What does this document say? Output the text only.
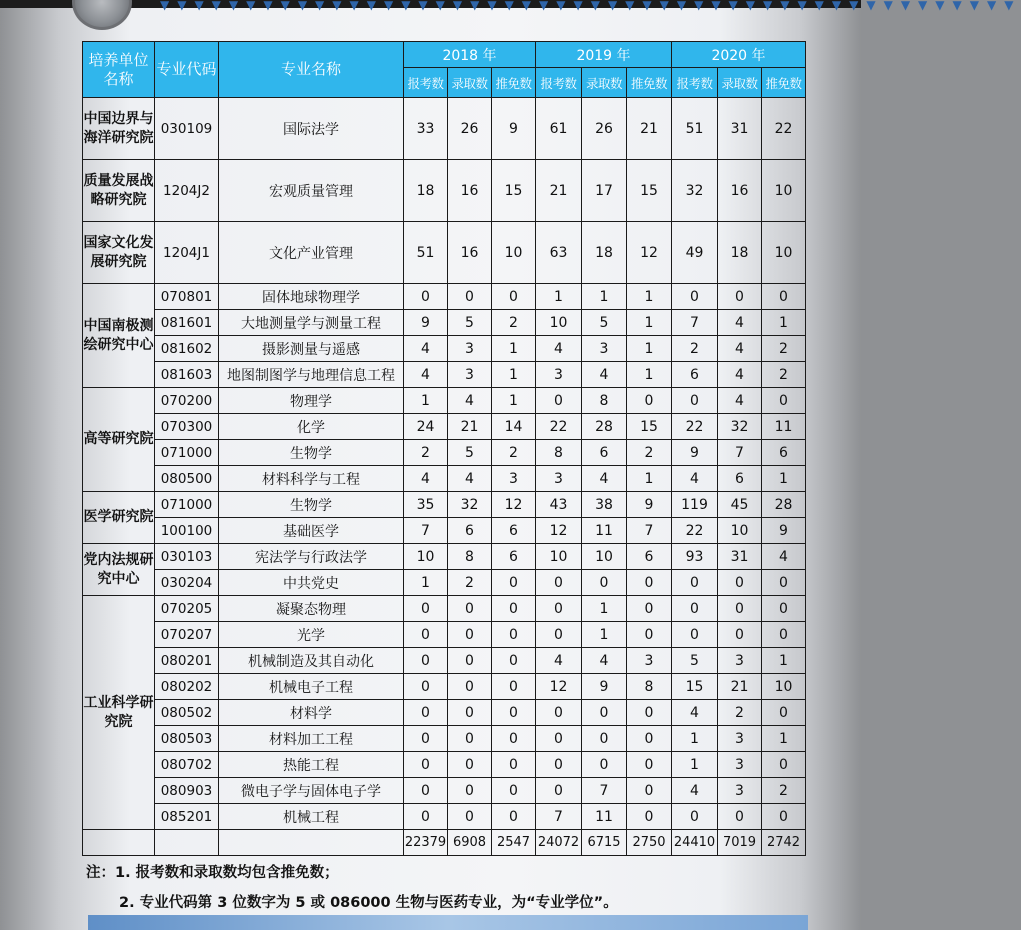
▼▼▼▼▼▼▼▼▼▼▼▼▼▼▼▼▼▼▼▼▼▼▼▼▼▼▼▼▼▼▼▼▼▼▼▼▼▼▼▼▼▼▼▼▼▼▼▼▼▼
培养单位名称	专业代码	专业名称	2018 年			2019 年			2020 年		
			报考数	录取数	推免数	报考数	录取数	推免数	报考数	录取数	推免数
中国边界与海洋研究院	030109	国际法学	33	26	9	61	26	21	51	31	22
质量发展战略研究院	1204J2	宏观质量管理	18	16	15	21	17	15	32	16	10
国家文化发展研究院	1204J1	文化产业管理	51	16	10	63	18	12	49	18	10
中国南极测绘研究中心	070801	固体地球物理学	0	0	0	1	1	1	0	0	0
	081601	大地测量学与测量工程	9	5	2	10	5	1	7	4	1
	081602	摄影测量与遥感	4	3	1	4	3	1	2	4	2
	081603	地图制图学与地理信息工程	4	3	1	3	4	1	6	4	2
高等研究院	070200	物理学	1	4	1	0	8	0	0	4	0
	070300	化学	24	21	14	22	28	15	22	32	11
	071000	生物学	2	5	2	8	6	2	9	7	6
	080500	材料科学与工程	4	4	3	3	4	1	4	6	1
医学研究院	071000	生物学	35	32	12	43	38	9	119	45	28
	100100	基础医学	7	6	6	12	11	7	22	10	9
党内法规研究中心	030103	宪法学与行政法学	10	8	6	10	10	6	93	31	4
	030204	中共党史	1	2	0	0	0	0	0	0	0
工业科学研究院	070205	凝聚态物理	0	0	0	0	1	0	0	0	0
	070207	光学	0	0	0	0	1	0	0	0	0
	080201	机械制造及其自动化	0	0	0	4	4	3	5	3	1
	080202	机械电子工程	0	0	0	12	9	8	15	21	10
	080502	材料学	0	0	0	0	0	0	4	2	0
	080503	材料加工工程	0	0	0	0	0	0	1	3	1
	080702	热能工程	0	0	0	0	0	0	1	3	0
	080903	微电子学与固体电子学	0	0	0	0	7	0	4	3	2
	085201	机械工程	0	0	0	7	11	0	0	0	0
			22379	6908	2547	24072	6715	2750	24410	7019	2742
注：1. 报考数和录取数均包含推免数；
2. 专业代码第 3 位数字为 5 或 086000 生物与医药专业，为“专业学位”。
